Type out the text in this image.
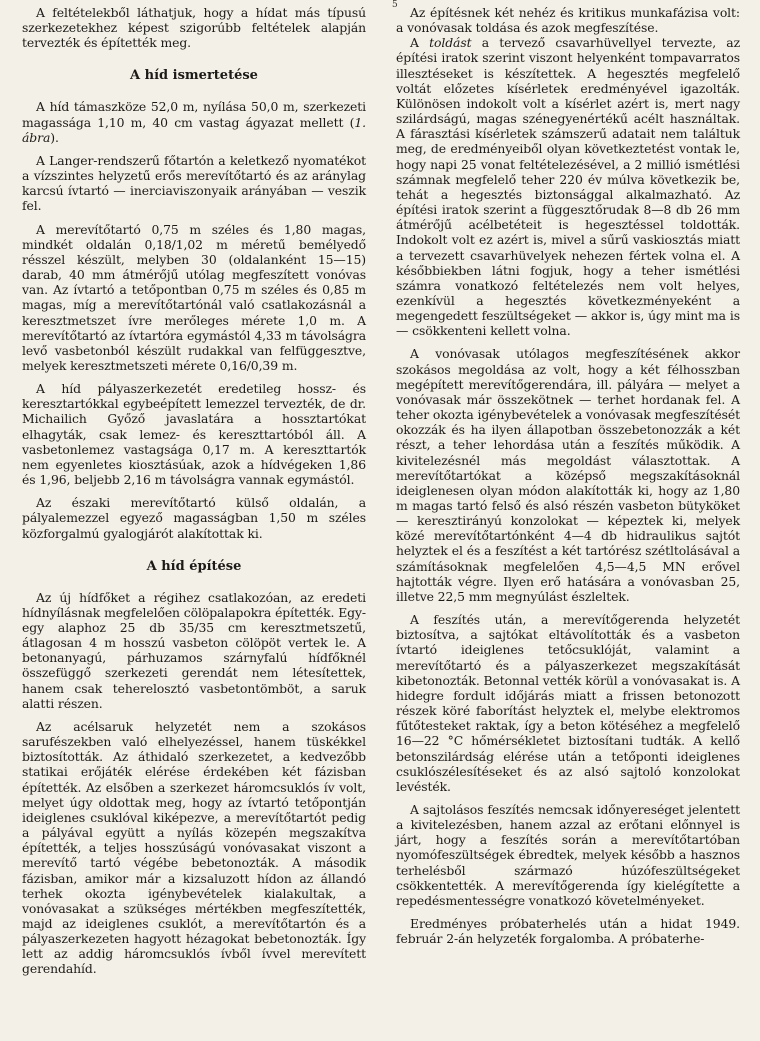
5

A feltételekből láthatjuk, hogy a hídat más típusú szerkezetekhez képest szigorúbb feltételek alapján tervezték és építették meg.

A híd ismertetése

A híd támaszköze 52,0 m, nyílása 50,0 m, szerkezeti magassága 1,10 m, 40 cm vastag ágyazat mellett (1. ábra).

A Langer-rendszerű főtartón a keletkező nyomatékot a vízszintes helyzetű erős merevítőtartó és az aránylag karcsú ívtartó — inerciaviszonyaik arányában — veszik fel.

A merevítőtartó 0,75 m széles és 1,80 magas, mindkét oldalán 0,18/1,02 m méretű bemélyedő résszel készült, melyben 30 (oldalanként 15—15) darab, 40 mm átmérőjű utólag megfeszített vonóvas van. Az ívtartó a tetőpontban 0,75 m széles és 0,85 m magas, míg a merevítőtartónál való csatlakozásnál a keresztmetszet ívre merőleges mérete 1,0 m. A merevítőtartó az ívtartóra egymástól 4,33 m távolságra levő vasbetonból készült rudakkal van felfüggesztve, melyek keresztmetszeti mérete 0,16/0,39 m.

A híd pályaszerkezetét eredetileg hossz- és keresztartókkal egybeépített lemezzel tervezték, de dr. Michailich Győző javaslatára a hossztartókat elhagyták, csak lemez- és kereszttartóból áll. A vasbetonlemez vastagsága 0,17 m. A kereszttartók nem egyenletes kiosztásúak, azok a hídvégeken 1,86 és 1,96, beljebb 2,16 m távolságra vannak egymástól.

Az északi merevítőtartó külső oldalán, a pályalemezzel egyező magasságban 1,50 m széles közforgalmú gyalogjárót alakítottak ki.

A híd építése

Az új hídfőket a régihez csatlakozóan, az eredeti hídnyílásnak megfelelően cölöpalapokra építették. Egy-egy alaphoz 25 db 35/35 cm keresztmetszetű, átlagosan 4 m hosszú vasbeton cölöpöt vertek le. A betonanyagú, párhuzamos szárnyfalú hídfőknél összefüggő szerkezeti gerendát nem létesítettek, hanem csak teherelosztó vasbetontömböt, a saruk alatti részen.

Az acélsaruk helyzetét nem a szokásos sarufészekben való elhelyezéssel, hanem tüskékkel biztosították. Az áthidaló szerkezetet, a kedvezőbb statikai erőjáték elérése érdekében két fázisban építették. Az elsőben a szerkezet háromcsuklós ív volt, melyet úgy oldottak meg, hogy az ívtartó tetőpontján ideiglenes csuklóval kiképezve, a merevítőtartót pedig a pályával együtt a nyílás közepén megszakítva építették, a teljes hosszúságú vonóvasakat viszont a merevítő tartó végébe bebetonozták. A második fázisban, amikor már a kizsaluzott hídon az állandó terhek okozta igénybevételek kialakultak, a vonóvasakat a szükséges mértékben megfeszítették, majd az ideiglenes csuklót, a merevítőtartón és a pályaszerkezeten hagyott hézagokat bebetonozták. Így lett az addig háromcsuklós ívből ívvel merevített gerendahíd.

Az építésnek két nehéz és kritikus munkafázisa volt: a vonóvasak toldása és azok megfeszítése.

A toldást a tervező csavarhüvellyel tervezte, az építési iratok szerint viszont helyenként tompavarratos illesztéseket is készítettek. A hegesztés megfelelő voltát előzetes kísérletek eredményével igazolták. Különösen indokolt volt a kísérlet azért is, mert nagy szilárdságú, magas szénegyenértékű acélt használtak. A fárasztási kísérletek számszerű adatait nem találtuk meg, de eredményeiből olyan következtetést vontak le, hogy napi 25 vonat feltételezésével, a 2 millió ismétlési számnak megfelelő teher 220 év múlva következik be, tehát a hegesztés biztonsággal alkalmazható. Az építési iratok szerint a függesztőrudak 8—8 db 26 mm átmérőjű acélbetéteit is hegesztéssel toldották. Indokolt volt ez azért is, mivel a sűrű vaskiosztás miatt a tervezett csavarhüvelyek nehezen fértek volna el. A későbbiekben látni fogjuk, hogy a teher ismétlési számra vonatkozó feltételezés nem volt helyes, ezenkívül a hegesztés következményeként a megengedett feszültségeket — akkor is, úgy mint ma is — csökkenteni kellett volna.

A vonóvasak utólagos megfeszítésének akkor szokásos megoldása az volt, hogy a két félhosszban megépített merevítőgerendára, ill. pályára — melyet a vonóvasak már összekötnek — terhet hordanak fel. A teher okozta igénybevételek a vonóvasak megfeszítését okozzák és ha ilyen állapotban összebetonozzák a két részt, a teher lehordása után a feszítés működik. A kivitelezésnél más megoldást választottak. A merevítőtartókat a középső megszakításoknál ideiglenesen olyan módon alakították ki, hogy az 1,80 m magas tartó felső és alsó részén vasbeton bütyköket — keresztirányú konzolokat — képeztek ki, melyek közé merevítőtartónként 4—4 db hidraulikus sajtót helyztek el és a feszítést a két tartórész szétltolásával a számításoknak megfelelően 4,5—4,5 MN erővel hajtották végre. Ilyen erő hatására a vonóvasban 25, illetve 22,5 mm megnyúlást észleltek.

A feszítés után, a merevítőgerenda helyzetét biztosítva, a sajtókat eltávolították és a vasbeton ívtartó ideiglenes tetőcsuklóját, valamint a merevítőtartó és a pályaszerkezet megszakítását kibetonozták. Betonnal vették körül a vonóvasakat is. A hidegre fordult időjárás miatt a frissen betonozott részek köré faborítást helyztek el, melybe elektromos fűtőtesteket raktak, így a beton kötéséhez a megfelelő 16—22 °C hőmérsékletet biztosítani tudták. A kellő betonszilárdság elérése után a tetőponti ideiglenes csuklószélesítéseket és az alsó sajtoló konzolokat levésték.

A sajtolásos feszítés nemcsak időnyereséget jelentett a kivitelezésben, hanem azzal az erőtani előnnyel is járt, hogy a feszítés során a merevítőtartóban nyomófeszültségek ébredtek, melyek később a hasznos terhelésből származó húzófeszültségeket csökkentették. A merevítőgerenda így kielégítette a repedésmentességre vonatkozó követelményeket.

Eredményes próbaterhelés után a hidat 1949. február 2-án helyzeték forgalomba. A próbaterhe-
